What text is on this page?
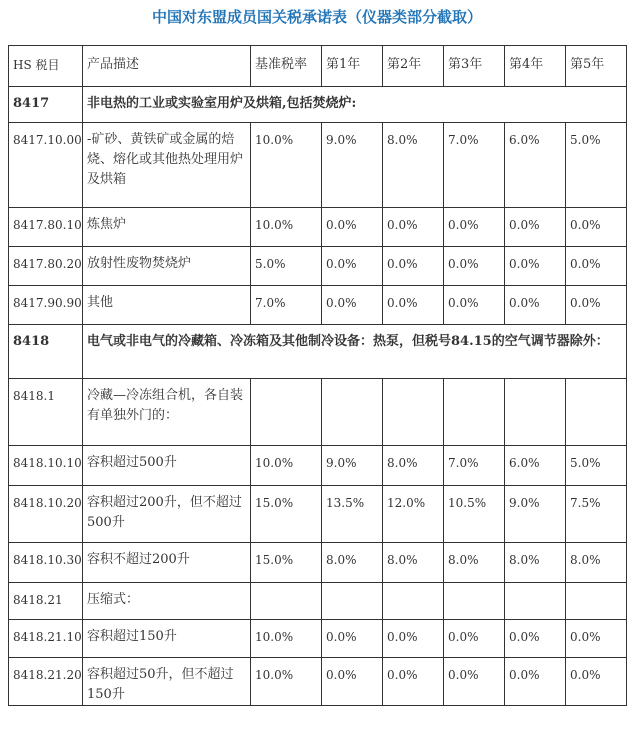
中国对东盟成员国关税承诺表（仪器类部分截取）
HS 税目	产品描述	基准税率	第1年	第2年	第3年	第4年	第5年
8417	非电热的工业或实验室用炉及烘箱,包括焚烧炉:						
8417.10.00	-矿砂、黄铁矿或金属的焙烧、熔化或其他热处理用炉及烘箱	10.0%	9.0%	8.0%	7.0%	6.0%	5.0%
8417.80.10	炼焦炉	10.0%	0.0%	0.0%	0.0%	0.0%	0.0%
8417.80.20	放射性废物焚烧炉	5.0%	0.0%	0.0%	0.0%	0.0%	0.0%
8417.90.90	其他	7.0%	0.0%	0.0%	0.0%	0.0%	0.0%
8418	电气或非电气的冷藏箱、冷冻箱及其他制冷设备：热泵，但税号84.15的空气调节器除外：						
8418.1	冷藏—冷冻组合机，各自装有单独外门的：						
8418.10.10	容积超过500升	10.0%	9.0%	8.0%	7.0%	6.0%	5.0%
8418.10.20	容积超过200升，但不超过500升	15.0%	13.5%	12.0%	10.5%	9.0%	7.5%
8418.10.30	容积不超过200升	15.0%	8.0%	8.0%	8.0%	8.0%	8.0%
8418.21	压缩式：						
8418.21.10	容积超过150升	10.0%	0.0%	0.0%	0.0%	0.0%	0.0%
8418.21.20	容积超过50升，但不超过150升	10.0%	0.0%	0.0%	0.0%	0.0%	0.0%
